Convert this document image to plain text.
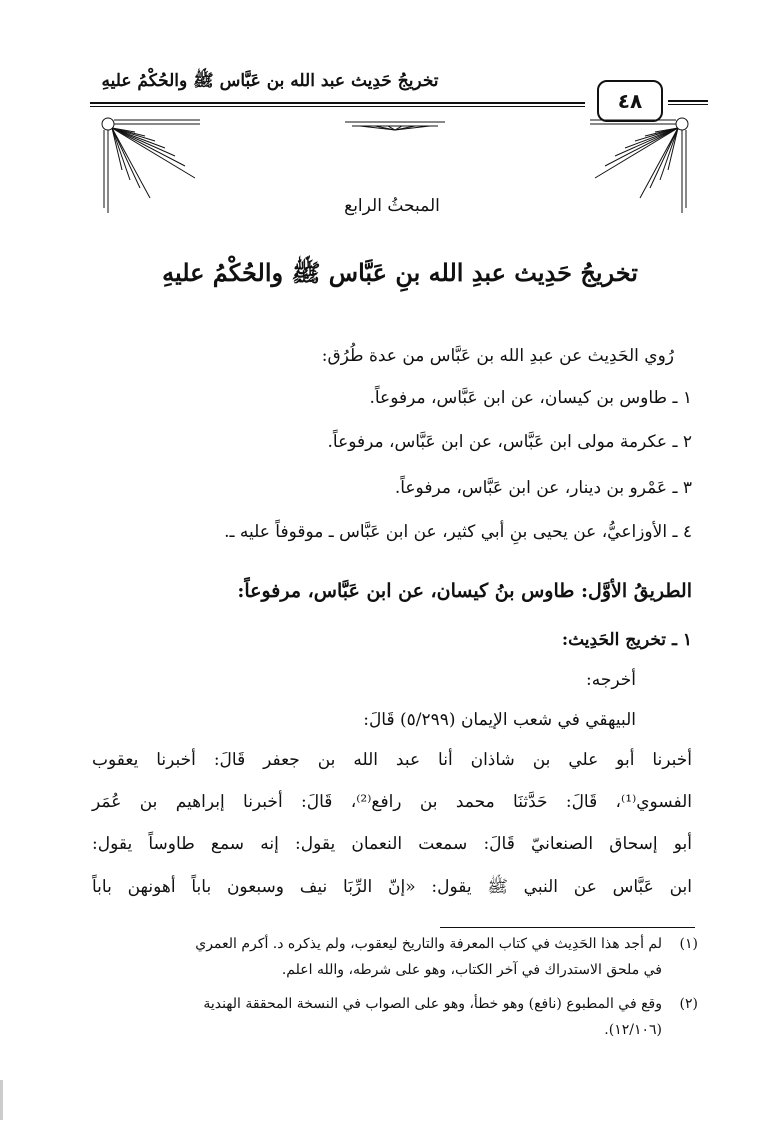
تخريجُ حَدِيث عبد الله بن عَبَّاس ﷺ والحُكْمُ عليهِ
٤٨
المبحثُ الرابع
تخريجُ حَدِيث عبدِ الله بنِ عَبَّاس ﷺ والحُكْمُ عليهِ
رُوي الحَدِيث عن عبدِ الله بن عَبَّاس من عدة طُرُق:
١ ـ طاوس بن كيسان، عن ابن عَبَّاس، مرفوعاً.
٢ ـ عكرمة مولى ابن عَبَّاس، عن ابن عَبَّاس، مرفوعاً.
٣ ـ عَمْرو بن دينار، عن ابن عَبَّاس، مرفوعاً.
٤ ـ الأوزاعيُّ، عن يحيى بنِ أبي كثير، عن ابن عَبَّاس ـ موقوفاً عليه ـ.
الطريقُ الأوَّل: طاوس بنُ كيسان، عن ابن عَبَّاس، مرفوعاً:
١ ـ تخريج الحَدِيث:
أخرجه:
البيهقي في شعب الإيمان (٥/٢٩٩) قَالَ:
أخبرنا أبو علي بن شاذان أنا عبد الله بن جعفر قَالَ: أخبرنا يعقوب
الفسوي⁽¹⁾، قَالَ: حَدَّثنَا محمد بن رافع⁽²⁾، قَالَ: أخبرنا إبراهيم بن عُمَر
أبو إسحاق الصنعانيّ قَالَ: سمعت النعمان يقول: إنه سمع طاوساً يقول:
ابن عَبَّاس عن النبي ﷺ يقول: «إنّ الرِّبَا نيف وسبعون باباً أهونهن باباً
(١)
لم أجد هذا الحَدِيث في كتاب المعرفة والتاريخ ليعقوب، ولم يذكره د. أكرم العمري
في ملحق الاستدراك في آخر الكتاب، وهو على شرطه، والله اعلم.
(٢)
وقع في المطبوع (نافع) وهو خطأ، وهو على الصواب في النسخة المحققة الهندية
(١٢/١٠٦).
